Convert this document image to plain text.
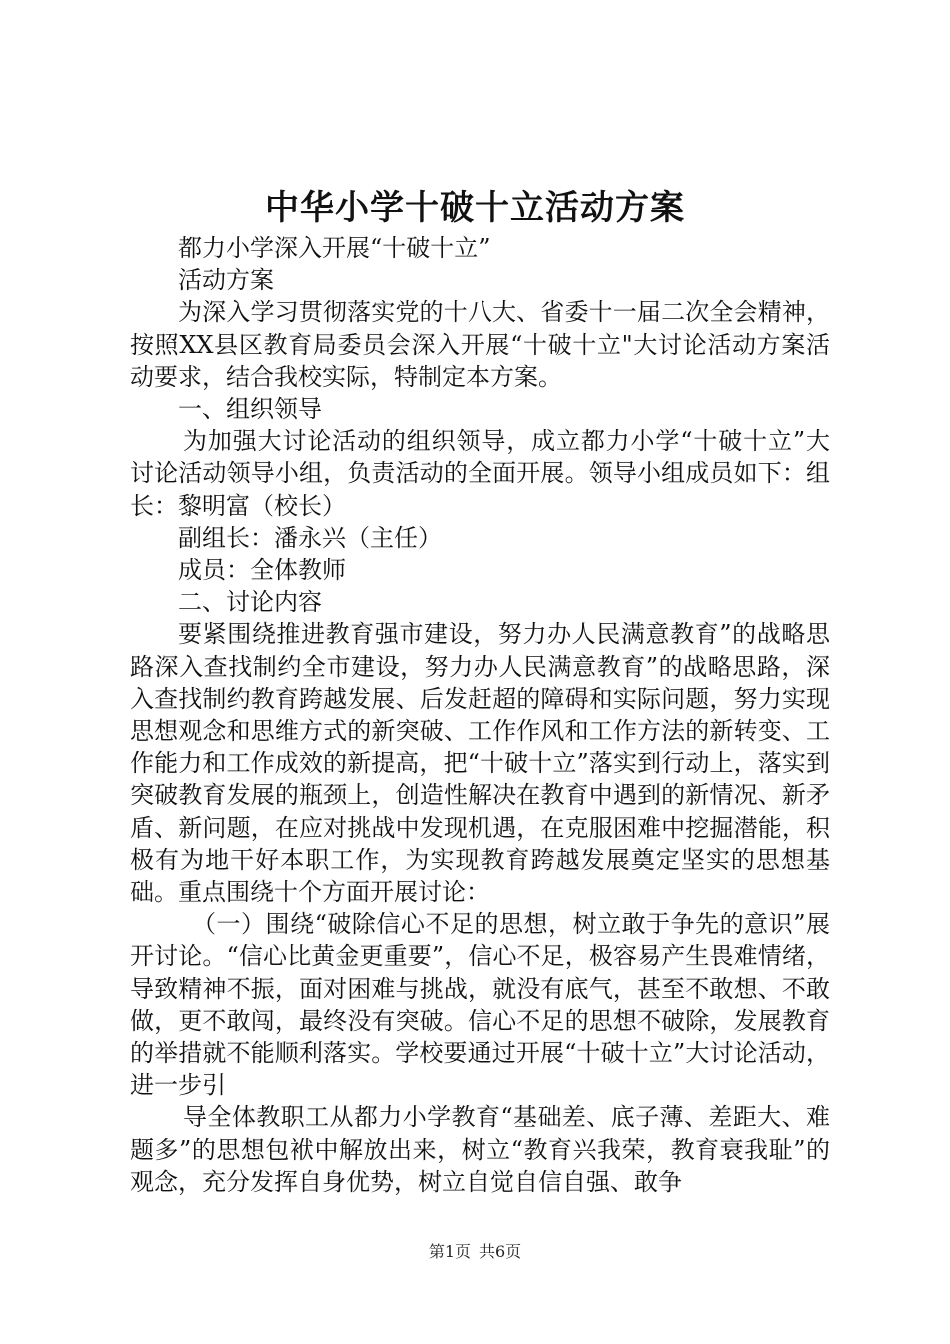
中华小学十破十立活动方案

都力小学深入开展“十破十立”

活动方案

为深入学习贯彻落实党的十八大、省委十一届二次全会精神，按照XX县区教育局委员会深入开展“十破十立"大讨论活动方案活动要求，结合我校实际，特制定本方案。

一、组织领导

为加强大讨论活动的组织领导，成立都力小学“十破十立”大讨论活动领导小组，负责活动的全面开展。领导小组成员如下：组长：黎明富（校长）

副组长：潘永兴（主任）

成员：全体教师

二、讨论内容

要紧围绕推进教育强市建设，努力办人民满意教育”的战略思路深入查找制约全市建设，努力办人民满意教育”的战略思路，深入查找制约教育跨越发展、后发赶超的障碍和实际问题，努力实现思想观念和思维方式的新突破、工作作风和工作方法的新转变、工作能力和工作成效的新提高，把“十破十立”落实到行动上，落实到突破教育发展的瓶颈上，创造性解决在教育中遇到的新情况、新矛盾、新问题，在应对挑战中发现机遇，在克服困难中挖掘潜能，积极有为地干好本职工作，为实现教育跨越发展奠定坚实的思想基础。重点围绕十个方面开展讨论：

（一）围绕“破除信心不足的思想，树立敢于争先的意识”展开讨论。“信心比黄金更重要”，信心不足，极容易产生畏难情绪，导致精神不振，面对困难与挑战，就没有底气，甚至不敢想、不敢做，更不敢闯，最终没有突破。信心不足的思想不破除，发展教育的举措就不能顺利落实。学校要通过开展“十破十立”大讨论活动，进一步引

导全体教职工从都力小学教育“基础差、底子薄、差距大、难题多”的思想包袱中解放出来，树立“教育兴我荣，教育衰我耻”的观念，充分发挥自身优势，树立自觉自信自强、敢争

第1页 共6页
